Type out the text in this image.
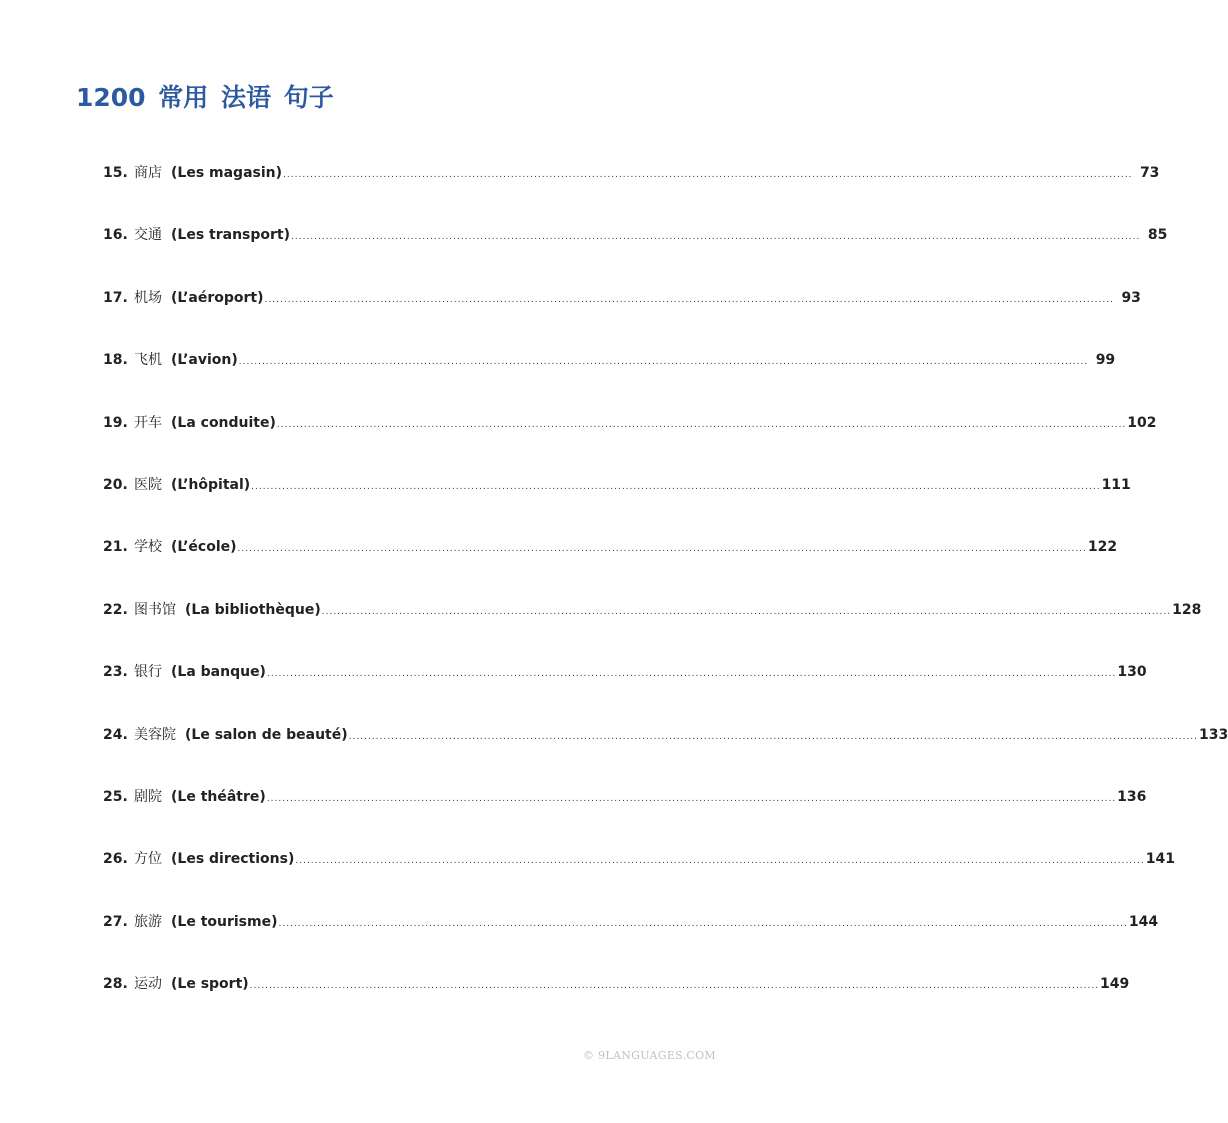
1200 常用 法语 句子
15. 商店 (Les magasin) ............................................................................................................................................................................................................................ 73
16. 交通 (Les transport) ............................................................................................................................................................................................................................ 85
17. 机场 (L’aéroport) ............................................................................................................................................................................................................................ 93
18. 飞机 (L’avion) ............................................................................................................................................................................................................................ 99
19. 开车 (La conduite) ............................................................................................................................................................................................................................ 102
20. 医院 (L’hôpital) ............................................................................................................................................................................................................................ 111
21. 学校 (L’école) ............................................................................................................................................................................................................................ 122
22. 图书馆 (La bibliothèque) ............................................................................................................................................................................................................................ 128
23. 银行 (La banque) ............................................................................................................................................................................................................................ 130
24. 美容院 (Le salon de beauté) ............................................................................................................................................................................................................................ 133
25. 剧院 (Le théâtre) ............................................................................................................................................................................................................................ 136
26. 方位 (Les directions) ............................................................................................................................................................................................................................ 141
27. 旅游 (Le tourisme) ............................................................................................................................................................................................................................ 144
28. 运动 (Le sport) ............................................................................................................................................................................................................................ 149
© 9LANGUAGES.COM
